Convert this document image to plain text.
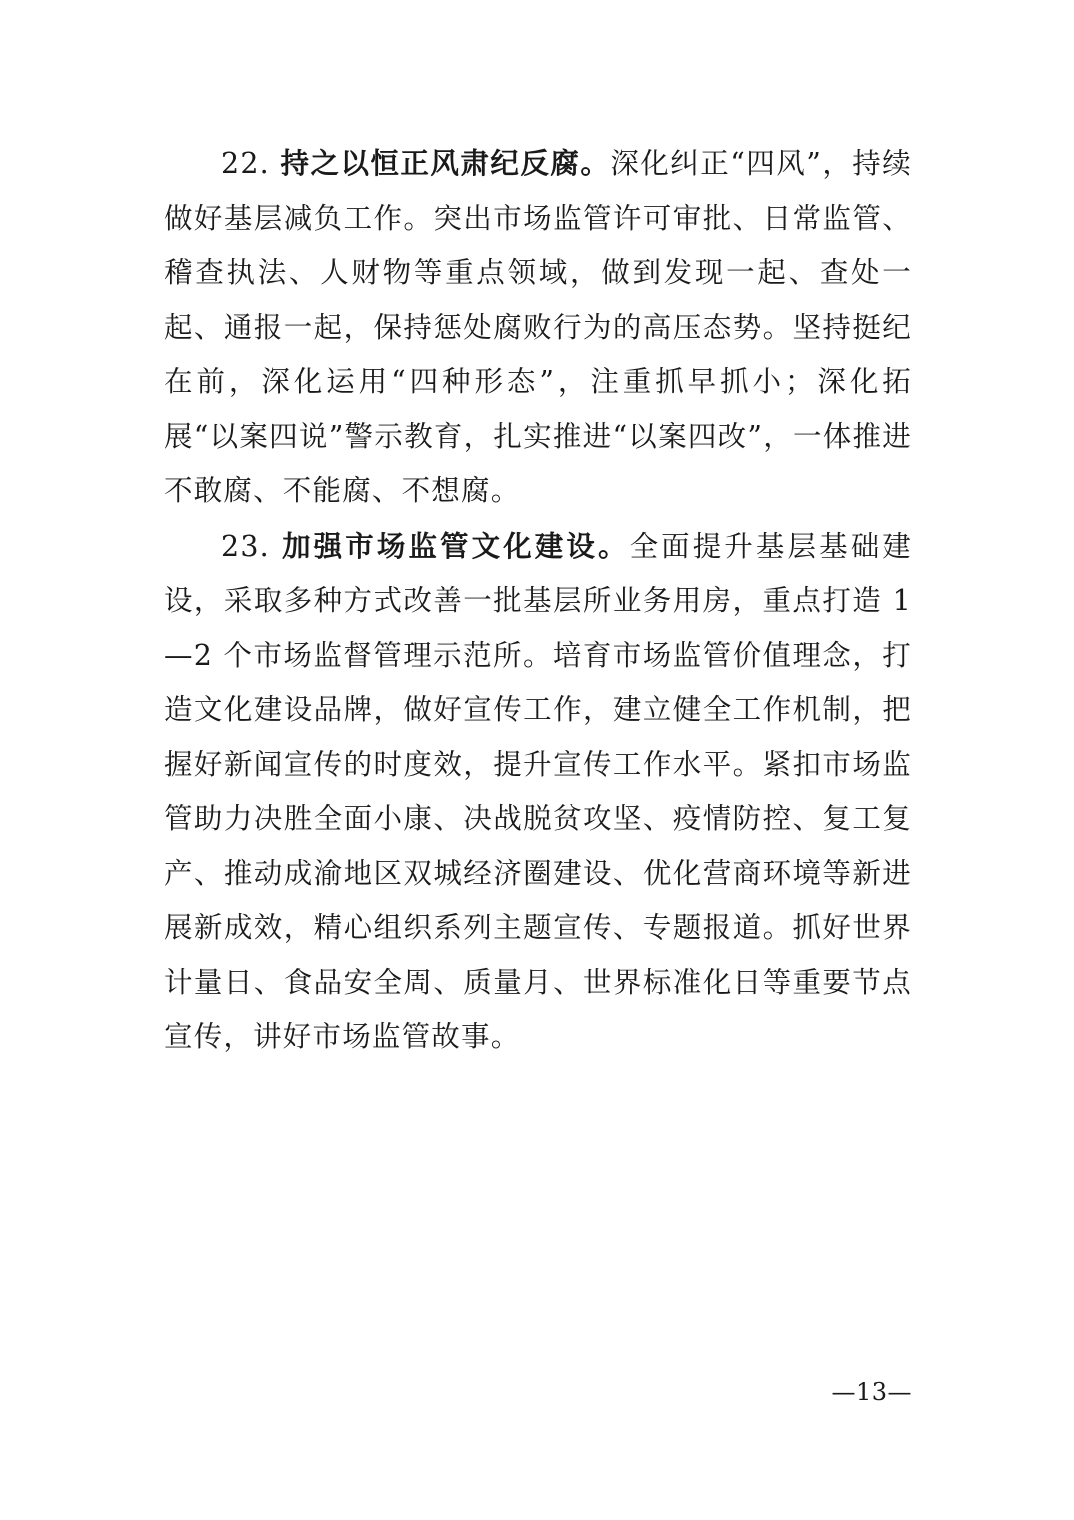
22. 持之以恒正风肃纪反腐。深化纠正“四风”，持续做好基层减负工作。突出市场监管许可审批、日常监管、稽查执法、人财物等重点领域，做到发现一起、查处一起、通报一起，保持惩处腐败行为的高压态势。坚持挺纪在前，深化运用“四种形态”，注重抓早抓小；深化拓展“以案四说”警示教育，扎实推进“以案四改”，一体推进不敢腐、不能腐、不想腐。

23. 加强市场监管文化建设。全面提升基层基础建设，采取多种方式改善一批基层所业务用房，重点打造 1—2 个市场监督管理示范所。培育市场监管价值理念，打造文化建设品牌，做好宣传工作，建立健全工作机制，把握好新闻宣传的时度效，提升宣传工作水平。紧扣市场监管助力决胜全面小康、决战脱贫攻坚、疫情防控、复工复产、推动成渝地区双城经济圈建设、优化营商环境等新进展新成效，精心组织系列主题宣传、专题报道。抓好世界计量日、食品安全周、质量月、世界标准化日等重要节点宣传，讲好市场监管故事。

—13—
